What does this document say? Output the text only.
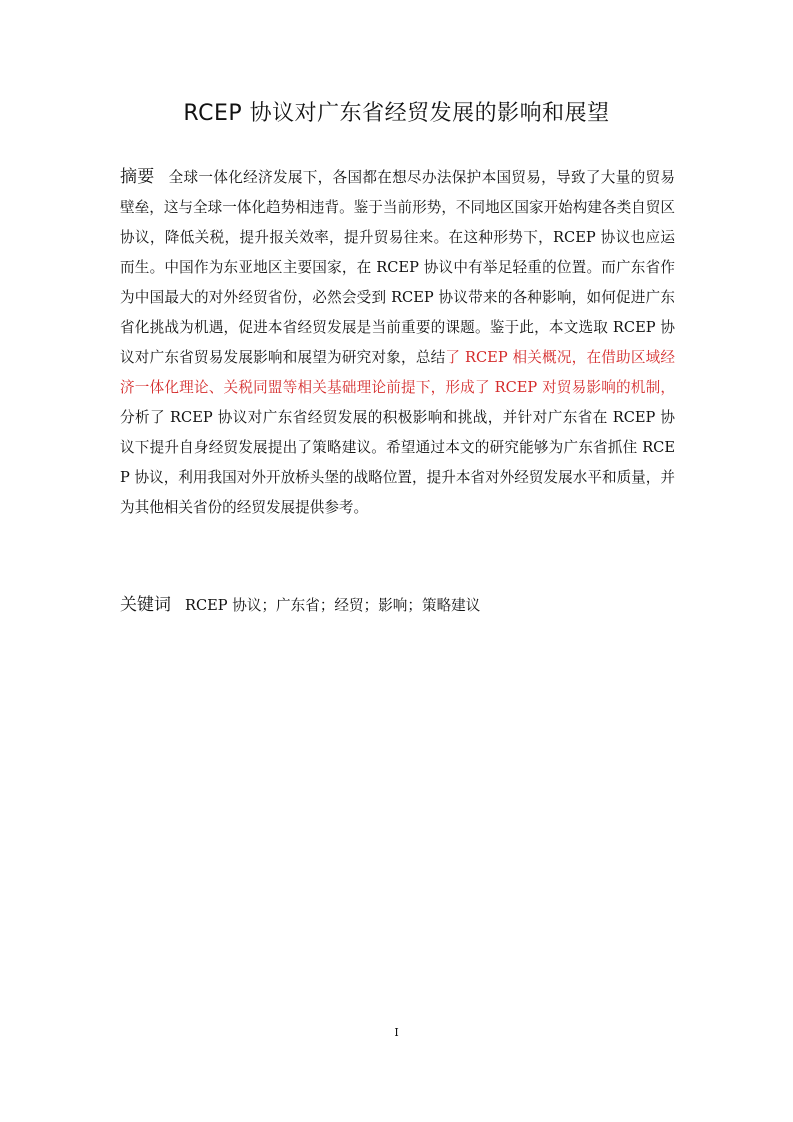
RCEP 协议对广东省经贸发展的影响和展望
摘要 全球一体化经济发展下，各国都在想尽办法保护本国贸易，导致了大量的贸易壁垒，这与全球一体化趋势相违背。鉴于当前形势，不同地区国家开始构建各类自贸区协议，降低关税，提升报关效率，提升贸易往来。在这种形势下，RCEP 协议也应运而生。中国作为东亚地区主要国家，在 RCEP 协议中有举足轻重的位置。而广东省作为中国最大的对外经贸省份，必然会受到 RCEP 协议带来的各种影响，如何促进广东省化挑战为机遇，促进本省经贸发展是当前重要的课题。鉴于此，本文选取 RCEP 协议对广东省贸易发展影响和展望为研究对象，总结了 RCEP 相关概况，在借助区域经济一体化理论、关税同盟等相关基础理论前提下，形成了 RCEP 对贸易影响的机制，分析了 RCEP 协议对广东省经贸发展的积极影响和挑战，并针对广东省在 RCEP 协议下提升自身经贸发展提出了策略建议。希望通过本文的研究能够为广东省抓住 RCEP 协议，利用我国对外开放桥头堡的战略位置，提升本省对外经贸发展水平和质量，并为其他相关省份的经贸发展提供参考。
关键词 RCEP 协议；广东省；经贸；影响；策略建议
I
